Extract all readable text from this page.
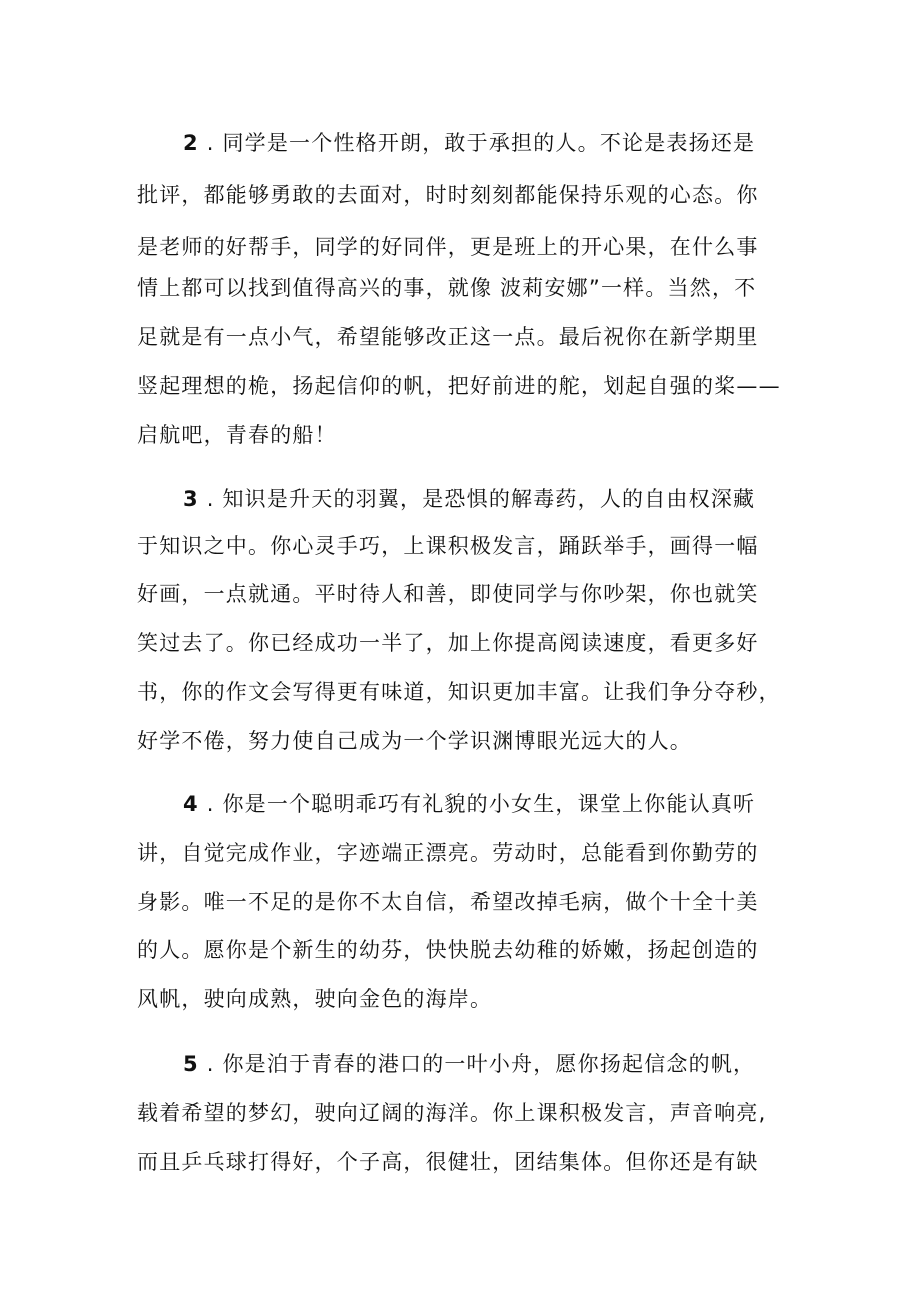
2 . 同学是一个性格开朗，敢于承担的人。不论是表扬还是
批评，都能够勇敢的去面对，时时刻刻都能保持乐观的心态。你
是老师的好帮手，同学的好同伴，更是班上的开心果，在什么事
情上都可以找到值得高兴的事，就像 波莉安娜”一样。当然，不
足就是有一点小气，希望能够改正这一点。最后祝你在新学期里
竖起理想的桅，扬起信仰的帆，把好前进的舵，划起自强的桨——
启航吧，青春的船！
3 . 知识是升天的羽翼，是恐惧的解毒药，人的自由权深藏
于知识之中。你心灵手巧，上课积极发言，踊跃举手，画得一幅
好画，一点就通。平时待人和善，即使同学与你吵架，你也就笑
笑过去了。你已经成功一半了，加上你提高阅读速度，看更多好
书，你的作文会写得更有味道，知识更加丰富。让我们争分夺秒，
好学不倦，努力使自己成为一个学识渊博眼光远大的人。
4 . 你是一个聪明乖巧有礼貌的小女生，课堂上你能认真听
讲，自觉完成作业，字迹端正漂亮。劳动时，总能看到你勤劳的
身影。唯一不足的是你不太自信，希望改掉毛病，做个十全十美
的人。愿你是个新生的幼芬，快快脱去幼稚的娇嫩，扬起创造的
风帆，驶向成熟，驶向金色的海岸。
5 . 你是泊于青春的港口的一叶小舟，愿你扬起信念的帆，
载着希望的梦幻，驶向辽阔的海洋。你上课积极发言，声音响亮,
而且乒乓球打得好，个子高，很健壮，团结集体。但你还是有缺
